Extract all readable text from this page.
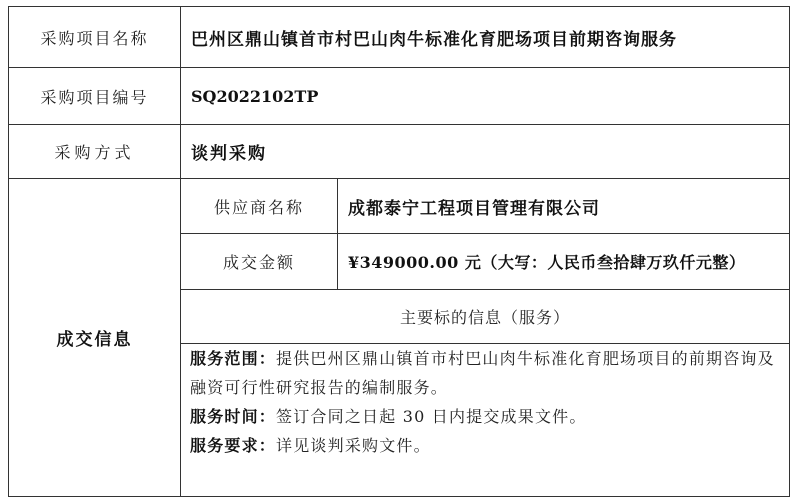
采购项目名称	巴州区鼎山镇首市村巴山肉牛标准化育肥场项目前期咨询服务
采购项目编号	SQ2022102TP
采购方式	谈判采购
成交信息
供应商名称	成都泰宁工程项目管理有限公司
成交金额	¥349000.00 元（大写：人民币叁拾肆万玖仟元整）
主要标的信息（服务）

服务范围：提供巴州区鼎山镇首市村巴山肉牛标准化育肥场项目的前期咨询及融资可行性研究报告的编制服务。

服务时间：签订合同之日起 30 日内提交成果文件。

服务要求：详见谈判采购文件。
